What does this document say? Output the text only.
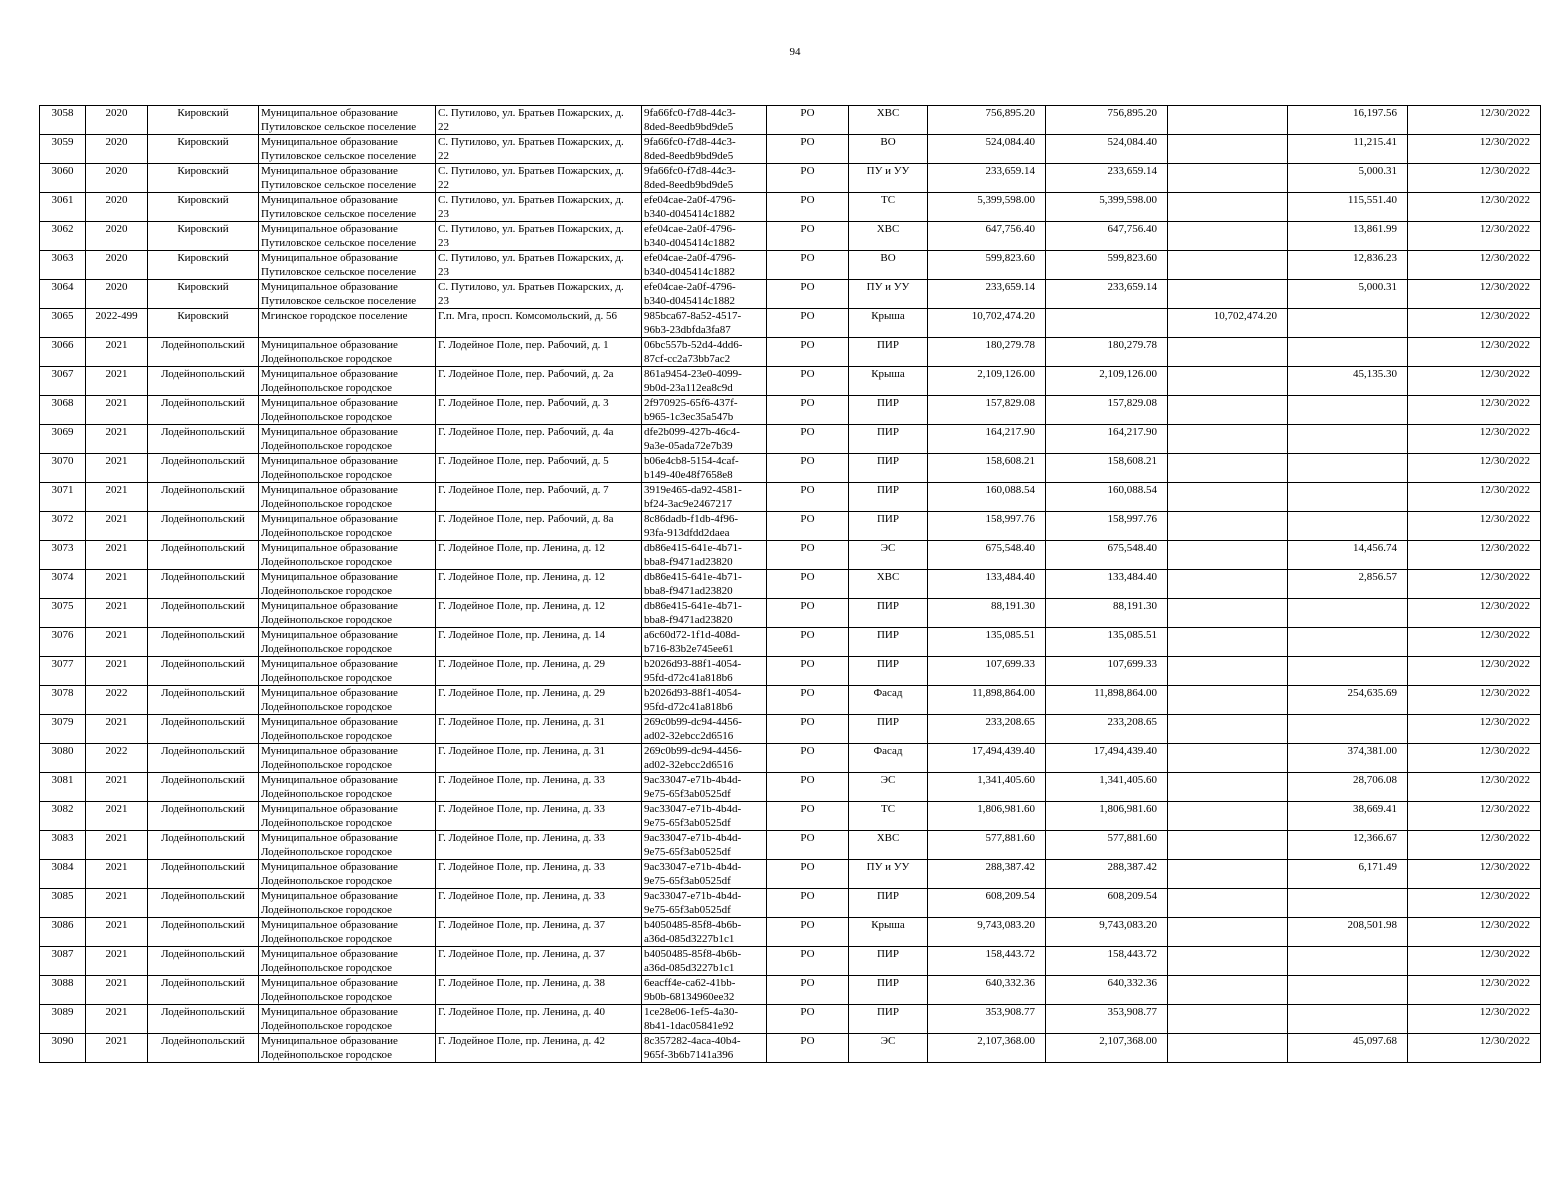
94
3058	2020	Кировский	Муниципальное образование
Путиловское сельское поселение	С. Путилово, ул. Братьев Пожарских, д.
22	9fa66fc0-f7d8-44c3-
8ded-8eedb9bd9de5	РО	ХВС	756,895.20	756,895.20		16,197.56	12/30/2022
3059	2020	Кировский	Муниципальное образование
Путиловское сельское поселение	С. Путилово, ул. Братьев Пожарских, д.
22	9fa66fc0-f7d8-44c3-
8ded-8eedb9bd9de5	РО	ВО	524,084.40	524,084.40		11,215.41	12/30/2022
3060	2020	Кировский	Муниципальное образование
Путиловское сельское поселение	С. Путилово, ул. Братьев Пожарских, д.
22	9fa66fc0-f7d8-44c3-
8ded-8eedb9bd9de5	РО	ПУ и УУ	233,659.14	233,659.14		5,000.31	12/30/2022
3061	2020	Кировский	Муниципальное образование
Путиловское сельское поселение	С. Путилово, ул. Братьев Пожарских, д.
23	efe04cae-2a0f-4796-
b340-d045414c1882	РО	ТС	5,399,598.00	5,399,598.00		115,551.40	12/30/2022
3062	2020	Кировский	Муниципальное образование
Путиловское сельское поселение	С. Путилово, ул. Братьев Пожарских, д.
23	efe04cae-2a0f-4796-
b340-d045414c1882	РО	ХВС	647,756.40	647,756.40		13,861.99	12/30/2022
3063	2020	Кировский	Муниципальное образование
Путиловское сельское поселение	С. Путилово, ул. Братьев Пожарских, д.
23	efe04cae-2a0f-4796-
b340-d045414c1882	РО	ВО	599,823.60	599,823.60		12,836.23	12/30/2022
3064	2020	Кировский	Муниципальное образование
Путиловское сельское поселение	С. Путилово, ул. Братьев Пожарских, д.
23	efe04cae-2a0f-4796-
b340-d045414c1882	РО	ПУ и УУ	233,659.14	233,659.14		5,000.31	12/30/2022
3065	2022-499	Кировский	Мгинское городское поселение	Г.п. Мга, просп. Комсомольский, д. 56	985bca67-8a52-4517-
96b3-23dbfda3fa87	РО	Крыша	10,702,474.20		10,702,474.20		12/30/2022
3066	2021	Лодейнопольский	Муниципальное образование
Лодейнопольское городское	Г. Лодейное Поле, пер. Рабочий, д. 1	06bc557b-52d4-4dd6-
87cf-cc2a73bb7ac2	РО	ПИР	180,279.78	180,279.78			12/30/2022
3067	2021	Лодейнопольский	Муниципальное образование
Лодейнопольское городское	Г. Лодейное Поле, пер. Рабочий, д. 2а	861a9454-23e0-4099-
9b0d-23a112ea8c9d	РО	Крыша	2,109,126.00	2,109,126.00		45,135.30	12/30/2022
3068	2021	Лодейнопольский	Муниципальное образование
Лодейнопольское городское	Г. Лодейное Поле, пер. Рабочий, д. 3	2f970925-65f6-437f-
b965-1c3ec35a547b	РО	ПИР	157,829.08	157,829.08			12/30/2022
3069	2021	Лодейнопольский	Муниципальное образование
Лодейнопольское городское	Г. Лодейное Поле, пер. Рабочий, д. 4а	dfe2b099-427b-46c4-
9a3e-05ada72e7b39	РО	ПИР	164,217.90	164,217.90			12/30/2022
3070	2021	Лодейнопольский	Муниципальное образование
Лодейнопольское городское	Г. Лодейное Поле, пер. Рабочий, д. 5	b06e4cb8-5154-4caf-
b149-40e48f7658e8	РО	ПИР	158,608.21	158,608.21			12/30/2022
3071	2021	Лодейнопольский	Муниципальное образование
Лодейнопольское городское	Г. Лодейное Поле, пер. Рабочий, д. 7	3919e465-da92-4581-
bf24-3ac9e2467217	РО	ПИР	160,088.54	160,088.54			12/30/2022
3072	2021	Лодейнопольский	Муниципальное образование
Лодейнопольское городское	Г. Лодейное Поле, пер. Рабочий, д. 8а	8c86dadb-f1db-4f96-
93fa-913dfdd2daea	РО	ПИР	158,997.76	158,997.76			12/30/2022
3073	2021	Лодейнопольский	Муниципальное образование
Лодейнопольское городское	Г. Лодейное Поле, пр. Ленина, д. 12	db86e415-641e-4b71-
bba8-f9471ad23820	РО	ЭС	675,548.40	675,548.40		14,456.74	12/30/2022
3074	2021	Лодейнопольский	Муниципальное образование
Лодейнопольское городское	Г. Лодейное Поле, пр. Ленина, д. 12	db86e415-641e-4b71-
bba8-f9471ad23820	РО	ХВС	133,484.40	133,484.40		2,856.57	12/30/2022
3075	2021	Лодейнопольский	Муниципальное образование
Лодейнопольское городское	Г. Лодейное Поле, пр. Ленина, д. 12	db86e415-641e-4b71-
bba8-f9471ad23820	РО	ПИР	88,191.30	88,191.30			12/30/2022
3076	2021	Лодейнопольский	Муниципальное образование
Лодейнопольское городское	Г. Лодейное Поле, пр. Ленина, д. 14	a6c60d72-1f1d-408d-
b716-83b2e745ee61	РО	ПИР	135,085.51	135,085.51			12/30/2022
3077	2021	Лодейнопольский	Муниципальное образование
Лодейнопольское городское	Г. Лодейное Поле, пр. Ленина, д. 29	b2026d93-88f1-4054-
95fd-d72c41a818b6	РО	ПИР	107,699.33	107,699.33			12/30/2022
3078	2022	Лодейнопольский	Муниципальное образование
Лодейнопольское городское	Г. Лодейное Поле, пр. Ленина, д. 29	b2026d93-88f1-4054-
95fd-d72c41a818b6	РО	Фасад	11,898,864.00	11,898,864.00		254,635.69	12/30/2022
3079	2021	Лодейнопольский	Муниципальное образование
Лодейнопольское городское	Г. Лодейное Поле, пр. Ленина, д. 31	269c0b99-dc94-4456-
ad02-32ebcc2d6516	РО	ПИР	233,208.65	233,208.65			12/30/2022
3080	2022	Лодейнопольский	Муниципальное образование
Лодейнопольское городское	Г. Лодейное Поле, пр. Ленина, д. 31	269c0b99-dc94-4456-
ad02-32ebcc2d6516	РО	Фасад	17,494,439.40	17,494,439.40		374,381.00	12/30/2022
3081	2021	Лодейнопольский	Муниципальное образование
Лодейнопольское городское	Г. Лодейное Поле, пр. Ленина, д. 33	9ac33047-e71b-4b4d-
9e75-65f3ab0525df	РО	ЭС	1,341,405.60	1,341,405.60		28,706.08	12/30/2022
3082	2021	Лодейнопольский	Муниципальное образование
Лодейнопольское городское	Г. Лодейное Поле, пр. Ленина, д. 33	9ac33047-e71b-4b4d-
9e75-65f3ab0525df	РО	ТС	1,806,981.60	1,806,981.60		38,669.41	12/30/2022
3083	2021	Лодейнопольский	Муниципальное образование
Лодейнопольское городское	Г. Лодейное Поле, пр. Ленина, д. 33	9ac33047-e71b-4b4d-
9e75-65f3ab0525df	РО	ХВС	577,881.60	577,881.60		12,366.67	12/30/2022
3084	2021	Лодейнопольский	Муниципальное образование
Лодейнопольское городское	Г. Лодейное Поле, пр. Ленина, д. 33	9ac33047-e71b-4b4d-
9e75-65f3ab0525df	РО	ПУ и УУ	288,387.42	288,387.42		6,171.49	12/30/2022
3085	2021	Лодейнопольский	Муниципальное образование
Лодейнопольское городское	Г. Лодейное Поле, пр. Ленина, д. 33	9ac33047-e71b-4b4d-
9e75-65f3ab0525df	РО	ПИР	608,209.54	608,209.54			12/30/2022
3086	2021	Лодейнопольский	Муниципальное образование
Лодейнопольское городское	Г. Лодейное Поле, пр. Ленина, д. 37	b4050485-85f8-4b6b-
a36d-085d3227b1c1	РО	Крыша	9,743,083.20	9,743,083.20		208,501.98	12/30/2022
3087	2021	Лодейнопольский	Муниципальное образование
Лодейнопольское городское	Г. Лодейное Поле, пр. Ленина, д. 37	b4050485-85f8-4b6b-
a36d-085d3227b1c1	РО	ПИР	158,443.72	158,443.72			12/30/2022
3088	2021	Лодейнопольский	Муниципальное образование
Лодейнопольское городское	Г. Лодейное Поле, пр. Ленина, д. 38	6eacff4e-ca62-41bb-
9b0b-68134960ee32	РО	ПИР	640,332.36	640,332.36			12/30/2022
3089	2021	Лодейнопольский	Муниципальное образование
Лодейнопольское городское	Г. Лодейное Поле, пр. Ленина, д. 40	1ce28e06-1ef5-4a30-
8b41-1dac05841e92	РО	ПИР	353,908.77	353,908.77			12/30/2022
3090	2021	Лодейнопольский	Муниципальное образование
Лодейнопольское городское	Г. Лодейное Поле, пр. Ленина, д. 42	8c357282-4aca-40b4-
965f-3b6b7141a396	РО	ЭС	2,107,368.00	2,107,368.00		45,097.68	12/30/2022
